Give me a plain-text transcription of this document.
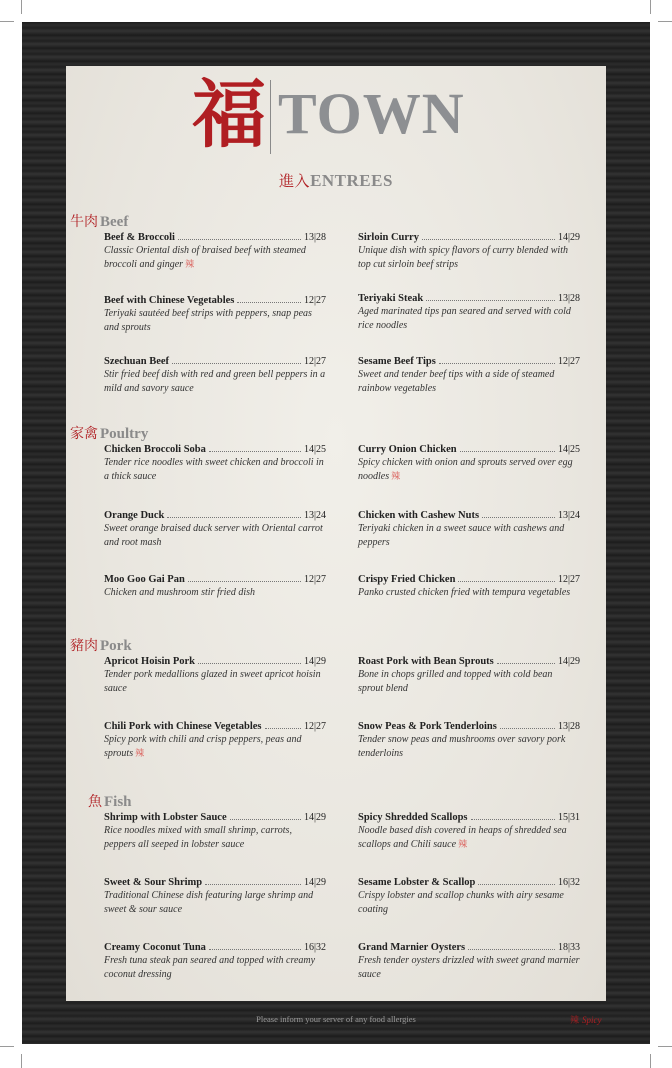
福 TOWN
進入ENTREES
牛肉 Beef
家禽 Poultry
豬肉 Pork
魚 Fish
Beef & Broccoli	13|28
Classic Oriental dish of braised beef with steamed broccoli and ginger 辣
Sirloin Curry	14|29
Unique dish with spicy flavors of curry blended with top cut sirloin beef strips
Beef with Chinese Vegetables	12|27
Teriyaki sautéed beef strips with peppers, snap peas and sprouts
Teriyaki Steak	13|28
Aged marinated tips pan seared and served with cold rice noodles
Szechuan Beef	12|27
Stir fried beef dish with red and green bell peppers in a mild and savory sauce
Sesame Beef Tips	12|27
Sweet and tender beef tips with a side of steamed rainbow vegetables
Chicken Broccoli Soba	14|25
Tender rice noodles with sweet chicken and broccoli in a thick sauce
Curry Onion Chicken	14|25
Spicy chicken with onion and sprouts served over egg noodles 辣
Orange Duck	13|24
Sweet orange braised duck server with Oriental carrot and root mash
Chicken with Cashew Nuts	13|24
Teriyaki chicken in a sweet sauce with cashews and peppers
Moo Goo Gai Pan	12|27
Chicken and mushroom stir fried dish
Crispy Fried Chicken	12|27
Panko crusted chicken fried with tempura vegetables
Apricot Hoisin Pork	14|29
Tender pork medallions glazed in sweet apricot hoisin sauce
Roast Pork with Bean Sprouts	14|29
Bone in chops grilled and topped with cold bean sprout blend
Chili Pork with Chinese Vegetables	12|27
Spicy pork with chili and crisp peppers, peas and sprouts 辣
Snow Peas & Pork Tenderloins	13|28
Tender snow peas and mushrooms over savory pork tenderloins
Shrimp with Lobster Sauce	14|29
Rice noodles mixed with small shrimp, carrots, peppers all seeped in lobster sauce
Spicy Shredded Scallops	15|31
Noodle based dish covered in heaps of shredded sea scallops and Chili sauce 辣
Sweet & Sour Shrimp	14|29
Traditional Chinese dish featuring large shrimp and sweet & sour sauce
Sesame Lobster & Scallop	16|32
Crispy lobster and scallop chunks with airy sesame coating
Creamy Coconut Tuna	16|32
Fresh tuna steak pan seared and topped with creamy coconut dressing
Grand Marnier Oysters	18|33
Fresh tender oysters drizzled with sweet grand marnier sauce
Please inform your server of any food allergies	辣 Spicy
